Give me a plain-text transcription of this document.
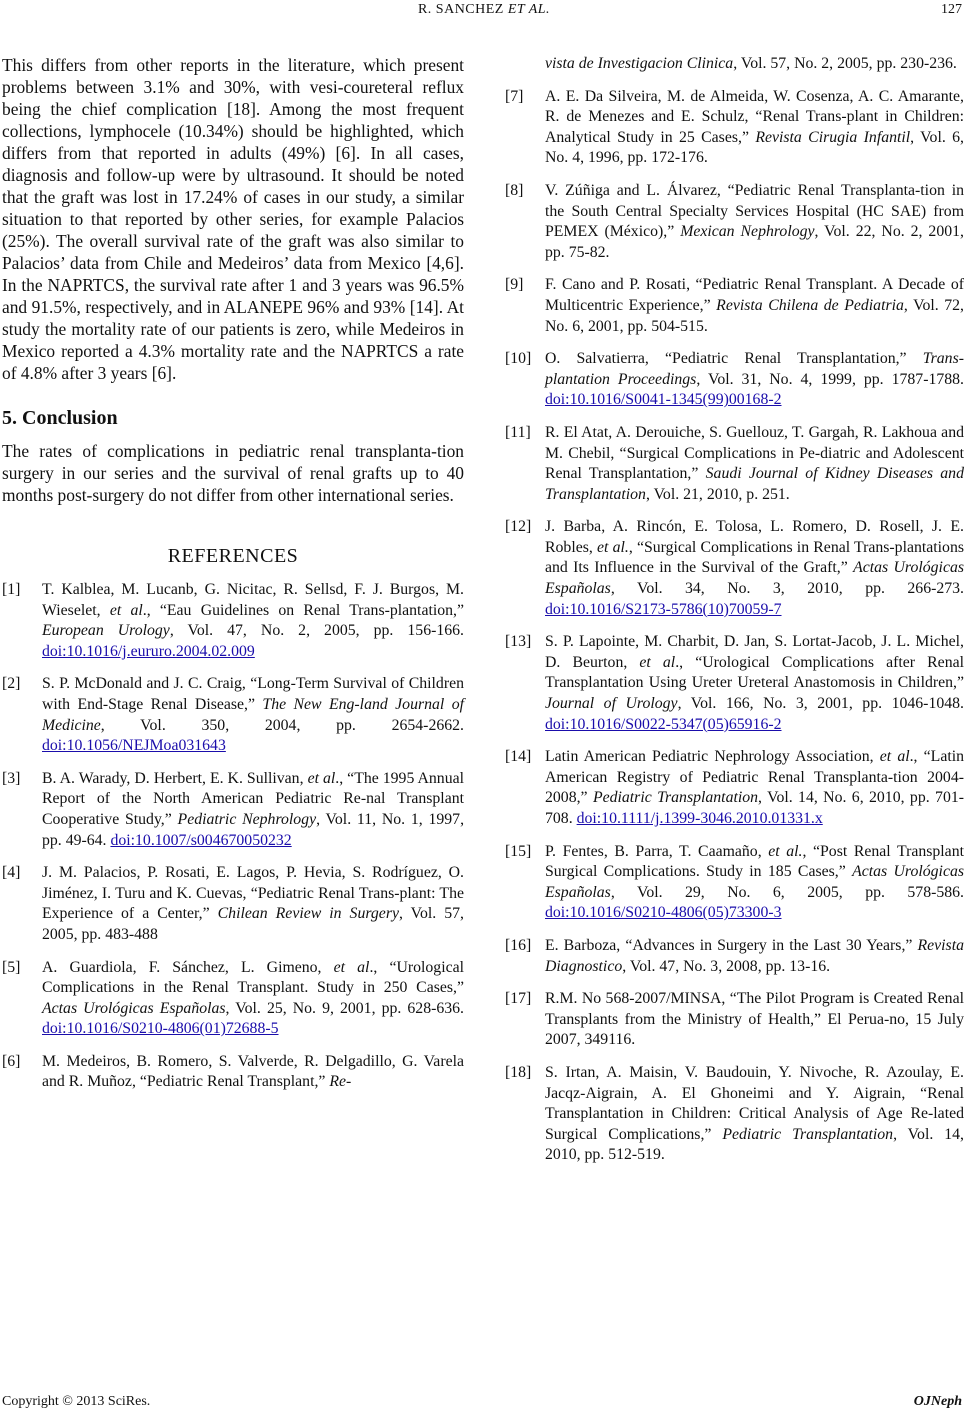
R. SANCHEZ ET AL.	127

This differs from other reports in the literature, which present problems between 3.1% and 30%, with vesi-coureteral reflux being the chief complication [18]. Among the most frequent collections, lymphocele (10.34%) should be highlighted, which differs from that reported in adults (49%) [6]. In all cases, diagnosis and follow-up were by ultrasound. It should be noted that the graft was lost in 17.24% of cases in our study, a similar situation to that reported by other series, for example Palacios (25%). The overall survival rate of the graft was also similar to Palacios’ data from Chile and Medeiros’ data from Mexico [4,6]. In the NAPRTCS, the survival rate after 1 and 3 years was 96.5% and 91.5%, respectively, and in ALANEPE 96% and 93% [14]. At study the mortality rate of our patients is zero, while Medeiros in Mexico reported a 4.3% mortality rate and the NAPRTCS a rate of 4.8% after 3 years [6].

5. Conclusion

The rates of complications in pediatric renal transplanta-tion surgery in our series and the survival of renal grafts up to 40 months post-surgery do not differ from other international series.

REFERENCES
[1] T. Kalblea, M. Lucanb, G. Nicitac, R. Sellsd, F. J. Burgos, M. Wieselet, et al., “Eau Guidelines on Renal Trans-plantation,” European Urology, Vol. 47, No. 2, 2005, pp. 156-166. doi:10.1016/j.eururo.2004.02.009
[2] S. P. McDonald and J. C. Craig, “Long-Term Survival of Children with End-Stage Renal Disease,” The New Eng-land Journal of Medicine, Vol. 350, 2004, pp. 2654-2662. doi:10.1056/NEJMoa031643
[3] B. A. Warady, D. Herbert, E. K. Sullivan, et al., “The 1995 Annual Report of the North American Pediatric Re-nal Transplant Cooperative Study,” Pediatric Nephrology, Vol. 11, No. 1, 1997, pp. 49-64. doi:10.1007/s004670050232
[4] J. M. Palacios, P. Rosati, E. Lagos, P. Hevia, S. Rodríguez, O. Jiménez, I. Turu and K. Cuevas, “Pediatric Renal Trans-plant: The Experience of a Center,” Chilean Review in Surgery, Vol. 57, 2005, pp. 483-488
[5] A. Guardiola, F. Sánchez, L. Gimeno, et al., “Urological Complications in the Renal Transplant. Study in 250 Cases,” Actas Urológicas Españolas, Vol. 25, No. 9, 2001, pp. 628-636. doi:10.1016/S0210-4806(01)72688-5
[6] M. Medeiros, B. Romero, S. Valverde, R. Delgadillo, G. Varela and R. Muñoz, “Pediatric Renal Transplant,” Re-
vista de Investigacion Clinica, Vol. 57, No. 2, 2005, pp. 230-236.
[7] A. E. Da Silveira, M. de Almeida, W. Cosenza, A. C. Amarante, R. de Menezes and E. Schulz, “Renal Trans-plant in Children: Analytical Study in 25 Cases,” Revista Cirugia Infantil, Vol. 6, No. 4, 1996, pp. 172-176.
[8] V. Zúñiga and L. Álvarez, “Pediatric Renal Transplanta-tion in the South Central Specialty Services Hospital (HC SAE) from PEMEX (México),” Mexican Nephrology, Vol. 22, No. 2, 2001, pp. 75-82.
[9] F. Cano and P. Rosati, “Pediatric Renal Transplant. A Decade of Multicentric Experience,” Revista Chilena de Pediatria, Vol. 72, No. 6, 2001, pp. 504-515.
[10] O. Salvatierra, “Pediatric Renal Transplantation,” Trans-plantation Proceedings, Vol. 31, No. 4, 1999, pp. 1787-1788. doi:10.1016/S0041-1345(99)00168-2
[11] R. El Atat, A. Derouiche, S. Guellouz, T. Gargah, R. Lakhoua and M. Chebil, “Surgical Complications in Pe-diatric and Adolescent Renal Transplantation,” Saudi Journal of Kidney Diseases and Transplantation, Vol. 21, 2010, p. 251.
[12] J. Barba, A. Rincón, E. Tolosa, L. Romero, D. Rosell, J. E. Robles, et al., “Surgical Complications in Renal Trans-plantations and Its Influence in the Survival of the Graft,” Actas Urológicas Españolas, Vol. 34, No. 3, 2010, pp. 266-273. doi:10.1016/S2173-5786(10)70059-7
[13] S. P. Lapointe, M. Charbit, D. Jan, S. Lortat-Jacob, J. L. Michel, D. Beurton, et al., “Urological Complications after Renal Transplantation Using Ureter Ureteral Anastomosis in Children,” Journal of Urology, Vol. 166, No. 3, 2001, pp. 1046-1048. doi:10.1016/S0022-5347(05)65916-2
[14] Latin American Pediatric Nephrology Association, et al., “Latin American Registry of Pediatric Renal Transplanta-tion 2004-2008,” Pediatric Transplantation, Vol. 14, No. 6, 2010, pp. 701-708. doi:10.1111/j.1399-3046.2010.01331.x
[15] P. Fentes, B. Parra, T. Caamaño, et al., “Post Renal Transplant Surgical Complications. Study in 185 Cases,” Actas Urológicas Españolas, Vol. 29, No. 6, 2005, pp. 578-586. doi:10.1016/S0210-4806(05)73300-3
[16] E. Barboza, “Advances in Surgery in the Last 30 Years,” Revista Diagnostico, Vol. 47, No. 3, 2008, pp. 13-16.
[17] R.M. No 568-2007/MINSA, “The Pilot Program is Created Renal Transplants from the Ministry of Health,” El Perua-no, 15 July 2007, 349116.
[18] S. Irtan, A. Maisin, V. Baudouin, Y. Nivoche, R. Azoulay, E. Jacqz-Aigrain, A. El Ghoneimi and Y. Aigrain, “Renal Transplantation in Children: Critical Analysis of Age Re-lated Surgical Complications,” Pediatric Transplantation, Vol. 14, 2010, pp. 512-519.
Copyright © 2013 SciRes.	OJNeph
